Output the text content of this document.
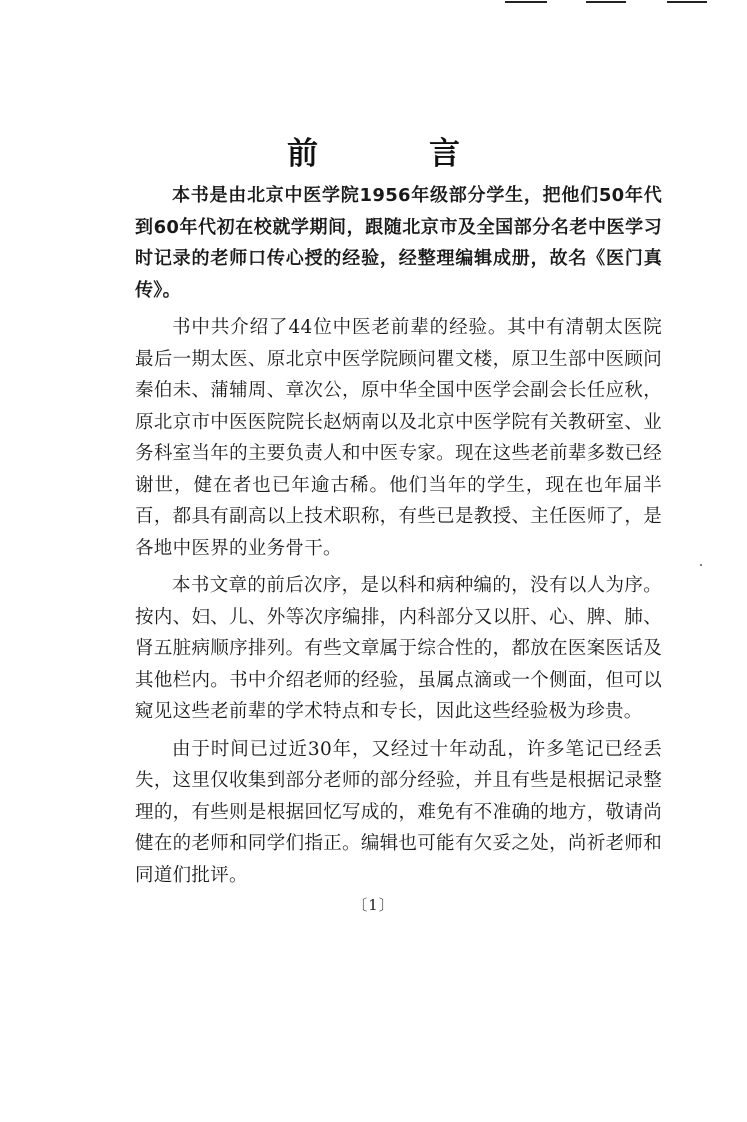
前　言

本书是由北京中医学院1956年级部分学生，把他们50年代到60年代初在校就学期间，跟随北京市及全国部分名老中医学习时记录的老师口传心授的经验，经整理编辑成册，故名《医门真传》。

书中共介绍了44位中医老前辈的经验。其中有清朝太医院最后一期太医、原北京中医学院顾问瞿文楼，原卫生部中医顾问秦伯未、蒲辅周、章次公，原中华全国中医学会副会长任应秋，原北京市中医医院院长赵炳南以及北京中医学院有关教研室、业务科室当年的主要负责人和中医专家。现在这些老前辈多数已经谢世，健在者也已年逾古稀。他们当年的学生，现在也年届半百，都具有副高以上技术职称，有些已是教授、主任医师了，是各地中医界的业务骨干。

本书文章的前后次序，是以科和病种编的，没有以人为序。按内、妇、儿、外等次序编排，内科部分又以肝、心、脾、肺、肾五脏病顺序排列。有些文章属于综合性的，都放在医案医话及其他栏内。书中介绍老师的经验，虽属点滴或一个侧面，但可以窥见这些老前辈的学术特点和专长，因此这些经验极为珍贵。

由于时间已过近30年，又经过十年动乱，许多笔记已经丢失，这里仅收集到部分老师的部分经验，并且有些是根据记录整理的，有些则是根据回忆写成的，难免有不准确的地方，敬请尚健在的老师和同学们指正。编辑也可能有欠妥之处，尚祈老师和同道们批评。

〔1〕
